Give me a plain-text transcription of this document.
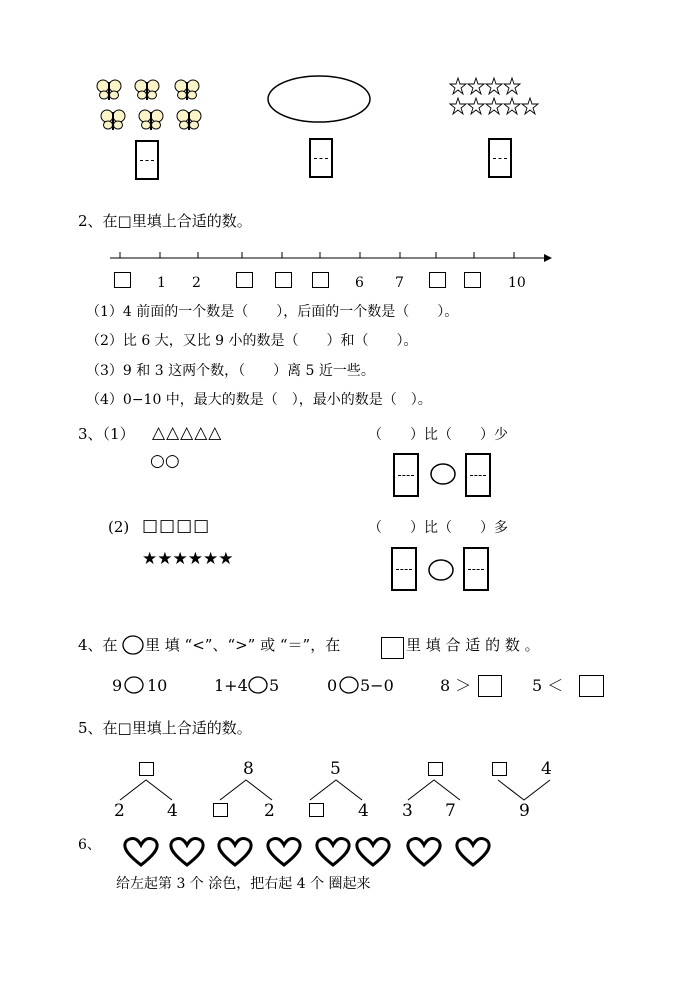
2、在□里填上合适的数。
1 2	6 7	10
（1）4 前面的一个数是（　　），后面的一个数是（　　）。
（2）比 6 大，又比 9 小的数是（　　）和（　　）。
（3）9 和 3 这两个数，（　　）离 5 近一些。
（4）0−10 中，最大的数是（　），最小的数是（　）。
3、（1） △△△△△
○○
（　　）比（　　）少
(2) □□□□
★★★★★★
（　　）比（　　）多
4、在 里 填 “<”、“>” 或 “＝”，在	里 填 合 适 的 数 。
9 10	1+4 5	0 5−0	8 ＞	5 ＜
5、在□里填上合适的数。
2 4
8
2
5
4 3 7
4
9
6、
给左起第 3 个 涂色，把右起 4 个 圈起来
